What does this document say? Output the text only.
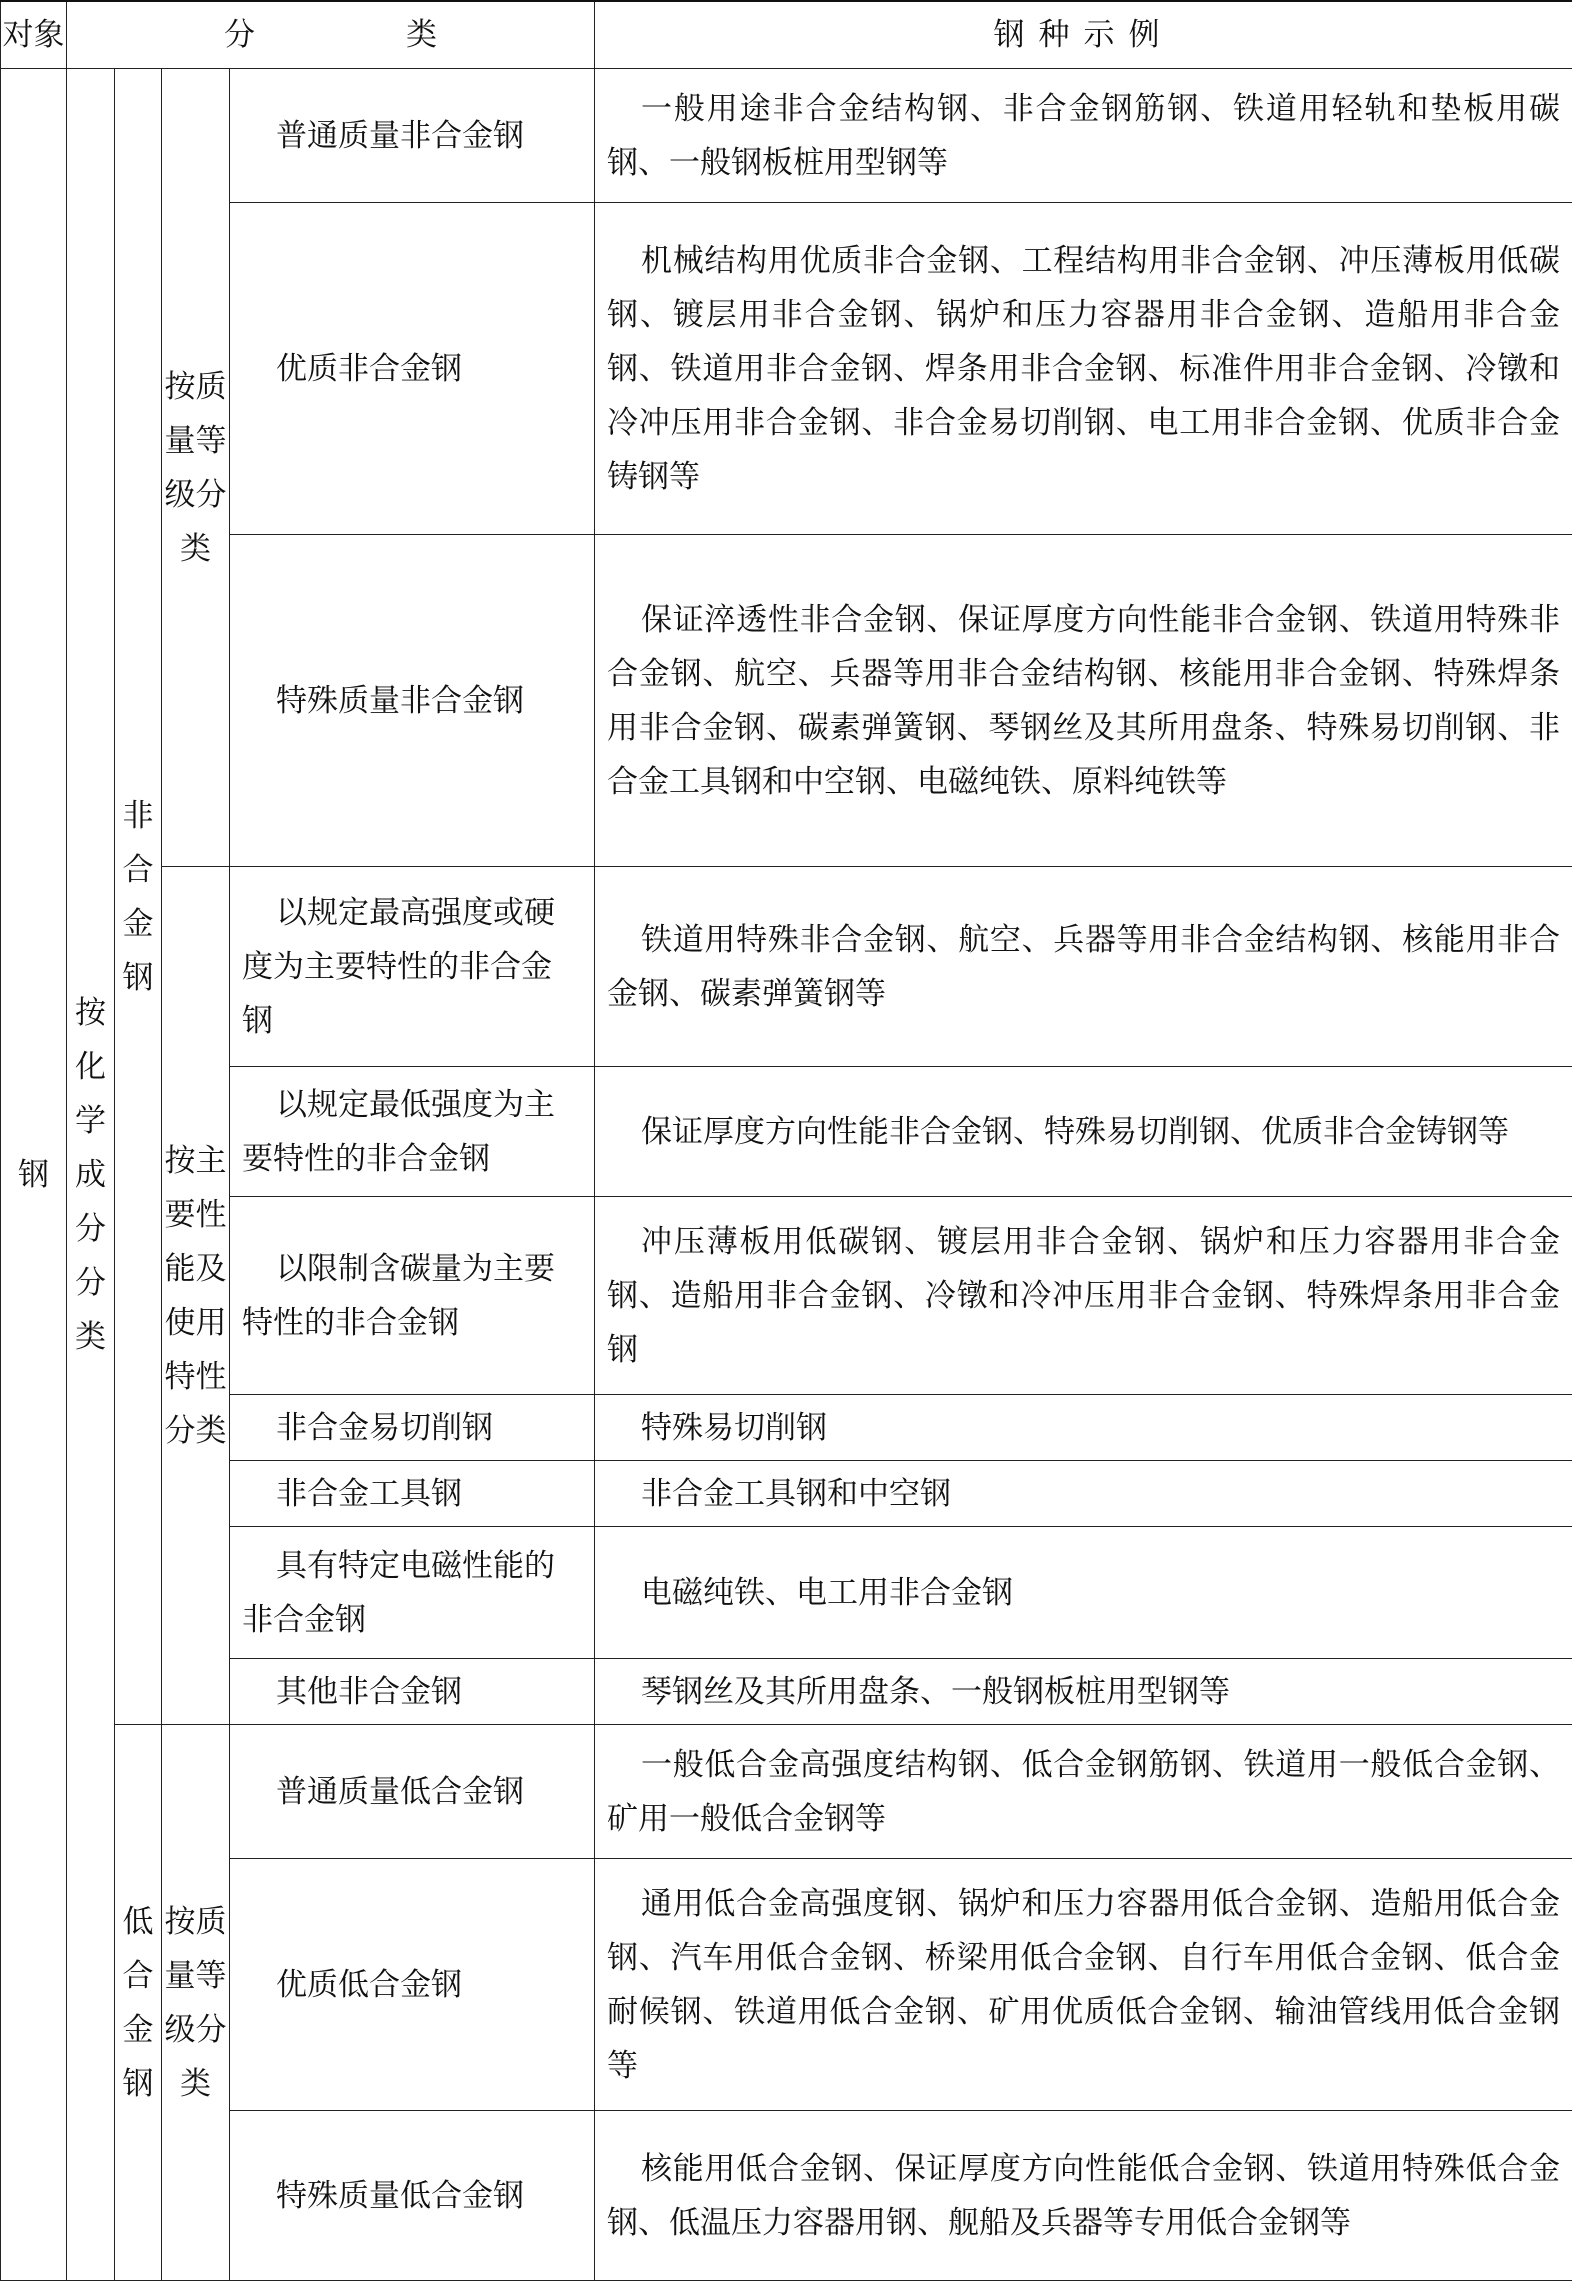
对象	分　类				钢种示例
钢	按化学成分分类	非合金钢	按质量等级分类	普通质量非合金钢	一般用途非合金结构钢、非合金钢筋钢、铁道用轻轨和垫板用碳钢、一般钢板桩用型钢等

				优质非合金钢	机械结构用优质非合金钢、工程结构用非合金钢、冲压薄板用低碳钢、镀层用非合金钢、锅炉和压力容器用非合金钢、造船用非合金钢、铁道用非合金钢、焊条用非合金钢、标准件用非合金钢、冷镦和冷冲压用非合金钢、非合金易切削钢、电工用非合金钢、优质非合金铸钢等

				特殊质量非合金钢	保证淬透性非合金钢、保证厚度方向性能非合金钢、铁道用特殊非合金钢、航空、兵器等用非合金结构钢、核能用非合金钢、特殊焊条用非合金钢、碳素弹簧钢、琴钢丝及其所用盘条、特殊易切削钢、非合金工具钢和中空钢、电磁纯铁、原料纯铁等

			按主要性能及使用特性分类	以规定最高强度或硬度为主要特性的非合金钢	铁道用特殊非合金钢、航空、兵器等用非合金结构钢、核能用非合金钢、碳素弹簧钢等

				以规定最低强度为主要特性的非合金钢	保证厚度方向性能非合金钢、特殊易切削钢、优质非合金铸钢等

				以限制含碳量为主要特性的非合金钢	冲压薄板用低碳钢、镀层用非合金钢、锅炉和压力容器用非合金钢、造船用非合金钢、冷镦和冷冲压用非合金钢、特殊焊条用非合金钢

				非合金易切削钢	特殊易切削钢

				非合金工具钢	非合金工具钢和中空钢

				具有特定电磁性能的非合金钢	电磁纯铁、电工用非合金钢

				其他非合金钢	琴钢丝及其所用盘条、一般钢板桩用型钢等

		低合金钢	按质量等级分类	普通质量低合金钢	一般低合金高强度结构钢、低合金钢筋钢、铁道用一般低合金钢、矿用一般低合金钢等

				优质低合金钢	通用低合金高强度钢、锅炉和压力容器用低合金钢、造船用低合金钢、汽车用低合金钢、桥梁用低合金钢、自行车用低合金钢、低合金耐候钢、铁道用低合金钢、矿用优质低合金钢、输油管线用低合金钢等

				特殊质量低合金钢	核能用低合金钢、保证厚度方向性能低合金钢、铁道用特殊低合金钢、低温压力容器用钢、舰船及兵器等专用低合金钢等
